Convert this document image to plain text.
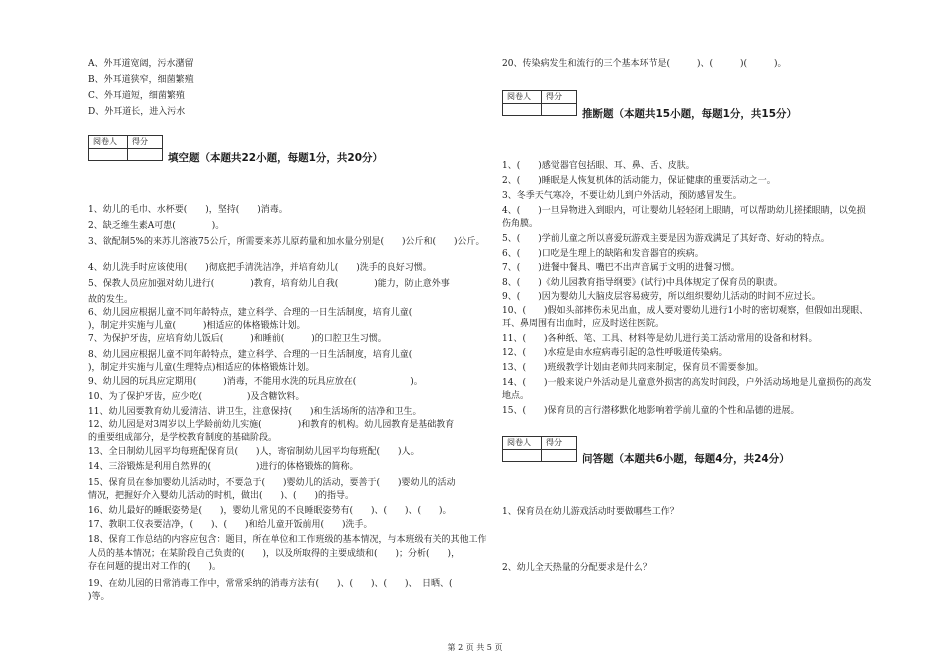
A、外耳道宽阔，污水潴留
B、外耳道狭窄，细菌繁殖
C、外耳道短，细菌繁殖
D、外耳道长，进入污水
阅卷人	得分

填空题（本题共22小题，每题1分，共20分）
1、幼儿的毛巾、水杯要(　　)，坚持(　　)消毒。
2、缺乏维生素A可患(　　　　)。
3、欲配制5%的来苏儿溶液75公斤，所需要来苏儿原药量和加水量分别是(　　)公斤和(　　)公斤。
4、幼儿洗手时应该使用(　　)彻底把手清洗洁净，并培育幼儿(　　)洗手的良好习惯。
5、保教人员应加强对幼儿进行(　　　　)教育，培育幼儿自我(　　　　)能力，防止意外事
故的发生。
6、幼儿园应根据儿童不同年龄特点，建立科学、合理的一日生活制度，培育儿童(　　
)，制定并实施与儿童(　　　)相适应的体格锻炼计划。
7、为保护牙齿，应培育幼儿饭后(　　　)和睡前(　　　)的口腔卫生习惯。
8、幼儿园应根据儿童不同年龄特点，建立科学、合理的一日生活制度，培育儿童(　　
)，制定并实施与儿童(生理特点)相适应的体格锻炼计划。
9、幼儿园的玩具应定期用(　　　)消毒，不能用水洗的玩具应放在(　　　　　　)。
10、为了保护牙齿，应少吃(　　　　　)及含糖饮料。
11、幼儿园要教育幼儿爱清洁、讲卫生，注意保持(　　)和生活场所的洁净和卫生。
12、幼儿园是对3周岁以上学龄前幼儿实施(　　　　)和教育的机构。幼儿园教育是基础教育
的重要组成部分，是学校教育制度的基础阶段。
13、全日制幼儿园平均每班配保育员(　　)人，寄宿制幼儿园平均每班配(　　)人。
14、三浴锻炼是利用自然界的(　　　　　)进行的体格锻炼的简称。
15、保育员在参加婴幼儿活动时，不要急于(　　)婴幼儿的活动，要善于(　　)婴幼儿的活动
情况，把握好介入婴幼儿活动的时机，做出(　　)、(　　)的指导。
16、幼儿最好的睡眠姿势是(　　)，婴幼儿常见的不良睡眠姿势有(　　)、(　　)、(　　)。
17、教职工仪表要洁净，(　　)、(　　)和给儿童开饭前用(　　)洗手。
18、保育工作总结的内容应包含：题目，所在单位和工作班级的基本情况，与本班级有关的其他工作
人员的基本情况；在某阶段自己负责的(　　)，以及所取得的主要成绩和(　　)；分析(　　)，
存在问题的提出对工作的(　　)。
19、在幼儿园的日常消毒工作中，常常采纳的消毒方法有(　　)、(　　)、(　　)、　日晒、(　　
)等。
20、传染病发生和流行的三个基本环节是(　　　)、(　　　)(　　　)。
阅卷人	得分

推断题（本题共15小题，每题1分，共15分）
1、(　　)感觉器官包括眼、耳、鼻、舌、皮肤。
2、(　　)睡眠是人恢复机体的活动能力，保证健康的重要活动之一。
3、冬季天气寒冷，不要让幼儿到户外活动，预防感冒发生。
4、(　　)一旦异物进入到眼内，可让婴幼儿轻轻闭上眼睛，可以帮助幼儿搓揉眼睛，以免损
伤角膜。
5、(　　)学前儿童之所以喜爱玩游戏主要是因为游戏满足了其好奇、好动的特点。
6、(　　)口吃是生理上的缺陷和发音器官的疾病。
7、(　　)进餐中餐具、嘴巴不出声音属于文明的进餐习惯。
8、(　　)《幼儿园教育指导纲要》(试行)中具体规定了保育员的职责。
9、(　　)因为婴幼儿大脑皮层容易疲劳，所以组织婴幼儿活动的时间不应过长。
10、(　　)假如头部摔伤未见出血，成人要对婴幼儿进行1小时的密切观察，但假如出现眼、
耳、鼻周围有出血时，应及时送往医院。
11、(　　)各种纸、笔、工具、材料等是幼儿进行美工活动常用的设备和材料。
12、(　　)水痘是由水痘病毒引起的急性呼吸道传染病。
13、(　　)班级教学计划由老师共同来制定，保育员不需要参加。
14、(　　)一般来说户外活动是儿童意外损害的高发时间段，户外活动场地是儿童损伤的高发
地点。
15、(　　)保育员的言行潜移默化地影响着学前儿童的个性和品德的进展。
阅卷人	得分

问答题（本题共6小题，每题4分，共24分）
1、保育员在幼儿游戏活动时要做哪些工作？
2、幼儿全天热量的分配要求是什么？
第 2 页 共 5 页
